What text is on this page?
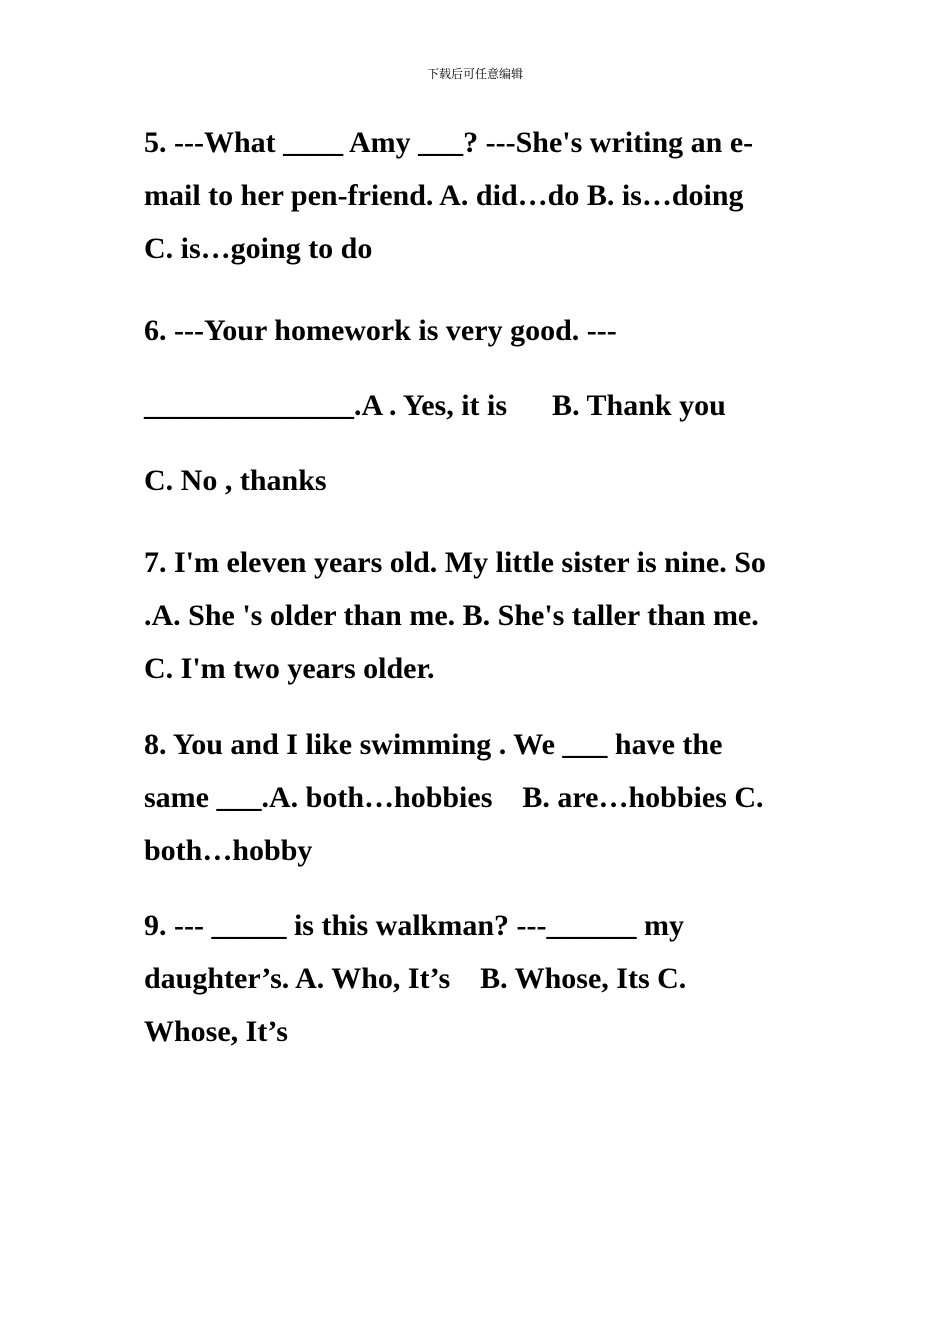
下载后可任意编辑
5. ---What ____ Amy ___? ---She's writing an e-
mail to her pen-friend. A. did…do B. is…doing
C. is…going to do
6. ---Your homework is very good. ---
______________.A . Yes, it is      B. Thank you
C. No , thanks
7. I'm eleven years old. My little sister is nine. So
.A. She 's older than me. B. She's taller than me.
C. I'm two years older.
8. You and I like swimming . We ___ have the
same ___.A. both…hobbies    B. are…hobbies C.
both…hobby
9. --- _____ is this walkman? ---______ my
daughter’s. A. Who, It’s    B. Whose, Its C.
Whose, It’s
